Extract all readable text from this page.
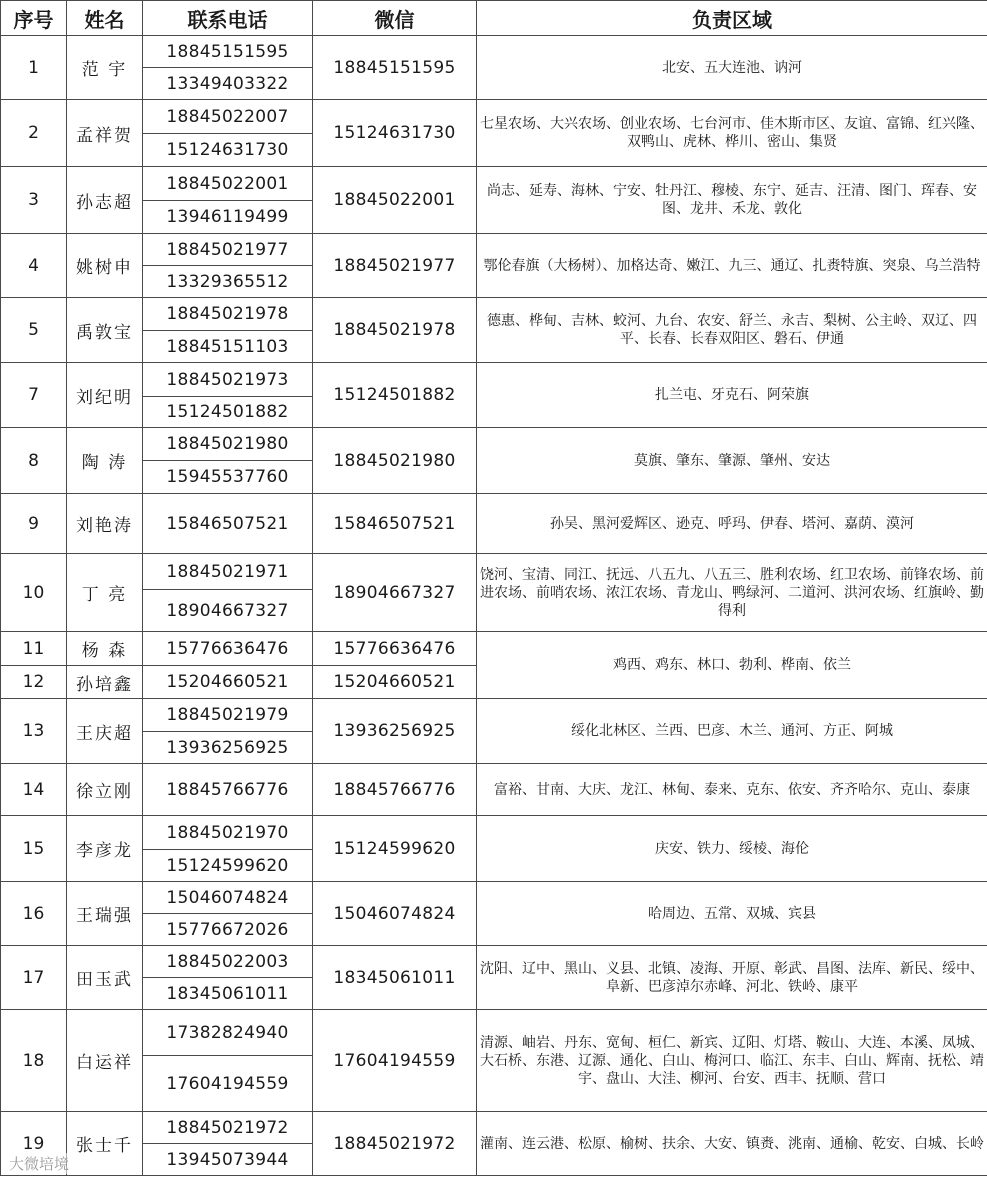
序号	姓名	联系电话	微信	负责区域
1	范 宇	18845151595	18845151595	北安、五大连池、讷河
		13349403322		
2	孟祥贺	18845022007	15124631730	七星农场、大兴农场、创业农场、七台河市、佳木斯市区、友谊、富锦、红兴隆、双鸭山、虎林、桦川、密山、集贤
		15124631730		
3	孙志超	18845022001	18845022001	尚志、延寿、海林、宁安、牡丹江、穆棱、东宁、延吉、汪清、图门、珲春、安图、龙井、禾龙、敦化
		13946119499		
4	姚树申	18845021977	18845021977	鄂伦春旗（大杨树）、加格达奇、嫩江、九三、通辽、扎赉特旗、突泉、乌兰浩特
		13329365512		
5	禹敦宝	18845021978	18845021978	德惠、桦甸、吉林、蛟河、九台、农安、舒兰、永吉、梨树、公主岭、双辽、四平、长春、长春双阳区、磐石、伊通
		18845151103		
7	刘纪明	18845021973	15124501882	扎兰屯、牙克石、阿荣旗
		15124501882		
8	陶 涛	18845021980	18845021980	莫旗、肇东、肇源、肇州、安达
		15945537760		
9	刘艳涛	15846507521	15846507521	孙吴、黑河爱辉区、逊克、呼玛、伊春、塔河、嘉荫、漠河
10	丁 亮	18845021971	18904667327	饶河、宝清、同江、抚远、八五九、八五三、胜利农场、红卫农场、前锋农场、前进农场、前哨农场、浓江农场、青龙山、鸭绿河、二道河、洪河农场、红旗岭、勤得利
		18904667327		
11	杨 森	15776636476	15776636476	鸡西、鸡东、林口、勃利、桦南、依兰
12	孙培鑫	15204660521	15204660521	
13	王庆超	18845021979	13936256925	绥化北林区、兰西、巴彦、木兰、通河、方正、阿城
		13936256925		
14	徐立刚	18845766776	18845766776	富裕、甘南、大庆、龙江、林甸、泰来、克东、依安、齐齐哈尔、克山、泰康
15	李彦龙	18845021970	15124599620	庆安、铁力、绥棱、海伦
		15124599620		
16	王瑞强	15046074824	15046074824	哈周边、五常、双城、宾县
		15776672026		
17	田玉武	18845022003	18345061011	沈阳、辽中、黑山、义县、北镇、凌海、开原、彰武、昌图、法库、新民、绥中、阜新、巴彦淖尔赤峰、河北、铁岭、康平
		18345061011		
18	白运祥	17382824940	17604194559	清源、岫岩、丹东、宽甸、桓仁、新宾、辽阳、灯塔、鞍山、大连、本溪、凤城、大石桥、东港、辽源、通化、白山、梅河口、临江、东丰、白山、辉南、抚松、靖宇、盘山、大洼、柳河、台安、西丰、抚顺、营口
		17604194559		
19	张士千	18845021972	18845021972	灌南、连云港、松原、榆树、扶余、大安、镇赉、洮南、通榆、乾安、白城、长岭
		13945073944		
大微培境
